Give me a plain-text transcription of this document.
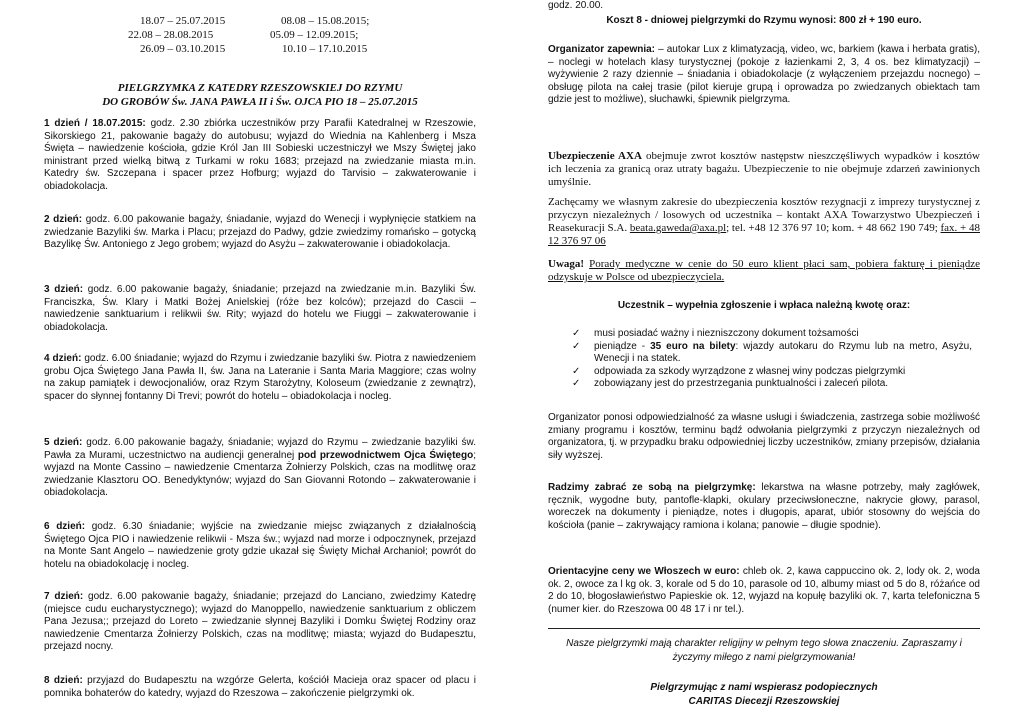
18.07 – 25.07.2015	08.08 – 15.08.2015;
22.08 – 28.08.2015	05.09 – 12.09.2015;
26.09 – 03.10.2015	10.10 – 17.10.2015
PIELGRZYMKA Z KATEDRY RZESZOWSKIEJ DO RZYMU
DO GROBÓW Św. JANA PAWŁA II i Św. OJCA PIO 18 – 25.07.2015
1 dzień / 18.07.2015: godz. 2.30 zbiórka uczestników przy Parafii Katedralnej w Rzeszowie, Sikorskiego 21, pakowanie bagaży do autobusu; wyjazd do Wiednia na Kahlenberg i Msza Święta – nawiedzenie kościoła, gdzie Król Jan III Sobieski uczestniczył we Mszy Świętej jako ministrant przed wielką bitwą z Turkami w roku 1683; przejazd na zwiedzanie miasta m.in. Katedry św. Szczepana i spacer przez Hofburg; wyjazd do Tarvisio – zakwaterowanie i obiadokolacja.
2 dzień: godz. 6.00 pakowanie bagaży, śniadanie, wyjazd do Wenecji i wypłynięcie statkiem na zwiedzanie Bazyliki św. Marka i Placu; przejazd do Padwy, gdzie zwiedzimy romańsko – gotycką Bazylikę Św. Antoniego z Jego grobem; wyjazd do Asyżu – zakwaterowanie i obiadokolacja.
3 dzień: godz. 6.00 pakowanie bagaży, śniadanie; przejazd na zwiedzanie m.in. Bazyliki Św. Franciszka, Św. Klary i Matki Bożej Anielskiej (róże bez kolców); przejazd do Cascii – nawiedzenie sanktuarium i relikwii św. Rity; wyjazd do hotelu we Fiuggi – zakwaterowanie i obiadokolacja.
4 dzień: godz. 6.00 śniadanie; wyjazd do Rzymu i zwiedzanie bazyliki św. Piotra z nawiedzeniem grobu Ojca Świętego Jana Pawła II, św. Jana na Lateranie i Santa Maria Maggiore; czas wolny na zakup pamiątek i dewocjonaliów, oraz Rzym Starożytny, Koloseum (zwiedzanie z zewnątrz), spacer do słynnej fontanny Di Trevi; powrót do hotelu – obiadokolacja i nocleg.
5 dzień: godz. 6.00 pakowanie bagaży, śniadanie; wyjazd do Rzymu – zwiedzanie bazyliki św. Pawła za Murami, uczestnictwo na audiencji generalnej pod przewodnictwem Ojca Świętego; wyjazd na Monte Cassino – nawiedzenie Cmentarza Żołnierzy Polskich, czas na modlitwę oraz zwiedzanie Klasztoru OO. Benedyktynów; wyjazd do San Giovanni Rotondo – zakwaterowanie i obiadokolacja.
6 dzień: godz. 6.30 śniadanie; wyjście na zwiedzanie miejsc związanych z działalnością Świętego Ojca PIO i nawiedzenie relikwii - Msza św.; wyjazd nad morze i odpocznynek, przejazd na Monte Sant Angelo – nawiedzenie groty gdzie ukazał się Święty Michał Archanioł; powrót do hotelu na obiadokolację i nocleg.
7 dzień: godz. 6.00 pakowanie bagaży, śniadanie; przejazd do Lanciano, zwiedzimy Katedrę (miejsce cudu eucharystycznego); wyjazd do Manoppello, nawiedzenie sanktuarium z obliczem Pana Jezusa;; przejazd do Loreto – zwiedzanie słynnej Bazyliki i Domku Świętej Rodziny oraz nawiedzenie Cmentarza Żołnierzy Polskich, czas na modlitwę; miasta; wyjazd do Budapesztu, przejazd nocny.
8 dzień: przyjazd do Budapesztu na wzgórze Gelerta, kościół Macieja oraz spacer od placu i pomnika bohaterów do katedry, wyjazd do Rzeszowa – zakończenie pielgrzymki ok.
godz. 20.00.
Koszt 8 - dniowej pielgrzymki do Rzymu wynosi: 800 zł + 190 euro.
Organizator zapewnia: – autokar Lux z klimatyzacją, video, wc, barkiem (kawa i herbata gratis), – noclegi w hotelach klasy turystycznej (pokoje z łazienkami 2, 3, 4 os. bez klimatyzacji) – wyżywienie 2 razy dziennie – śniadania i obiadokolacje (z wyłączeniem przejazdu nocnego) – obsługę pilota na całej trasie (pilot kieruje grupą i oprowadza po zwiedzanych obiektach tam gdzie jest to możliwe), słuchawki, śpiewnik pielgrzyma.
Ubezpieczenie AXA obejmuje zwrot kosztów następstw nieszczęśliwych wypadków i kosztów ich leczenia za granicą oraz utraty bagażu. Ubezpieczenie to nie obejmuje zdarzeń zawinionych umyślnie.
Zachęcamy we własnym zakresie do ubezpieczenia kosztów rezygnacji z imprezy turystycznej z przyczyn niezależnych / losowych od uczestnika – kontakt AXA Towarzystwo Ubezpieczeń i Reasekuracji S.A. beata.gaweda@axa.pl; tel. +48 12 376 97 10; kom. + 48 662 190 749; fax. + 48 12 376 97 06
Uwaga! Porady medyczne w cenie do 50 euro klient płaci sam, pobiera fakturę i pieniądze odzyskuje w Polsce od ubezpieczyciela.
Uczestnik – wypełnia zgłoszenie i wpłaca należną kwotę oraz:
✓ musi posiadać ważny i niezniszczony dokument tożsamości
✓ pieniądze - 35 euro na bilety: wjazdy autokaru do Rzymu lub na metro, Asyżu, Wenecji i na statek.
✓ odpowiada za szkody wyrządzone z własnej winy podczas pielgrzymki
✓ zobowiązany jest do przestrzegania punktualności i zaleceń pilota.
Organizator ponosi odpowiedzialność za własne usługi i świadczenia, zastrzega sobie możliwość zmiany programu i kosztów, terminu bądź odwołania pielgrzymki z przyczyn niezależnych od organizatora, tj. w przypadku braku odpowiedniej liczby uczestników, zmiany przepisów, działania siły wyższej.
Radzimy zabrać ze sobą na pielgrzymkę: lekarstwa na własne potrzeby, mały zagłówek, ręcznik, wygodne buty, pantofle-klapki, okulary przeciwsłoneczne, nakrycie głowy, parasol, woreczek na dokumenty i pieniądze, notes i długopis, aparat, ubiór stosowny do wejścia do kościoła (panie – zakrywający ramiona i kolana; panowie – długie spodnie).
Orientacyjne ceny we Włoszech w euro: chleb ok. 2, kawa cappuccino ok. 2, lody ok. 2, woda ok. 2, owoce za l kg ok. 3, korale od 5 do 10, parasole od 10, albumy miast od 5 do 8, różańce od 2 do 10, błogosławieństwo Papieskie ok. 12, wyjazd na kopułę bazyliki ok. 7, karta telefoniczna 5 (numer kier. do Rzeszowa 00 48 17 i nr tel.).
Nasze pielgrzymki mają charakter religijny w pełnym tego słowa znaczeniu. Zapraszamy i
życzymy miłego z nami pielgrzymowania!
Pielgrzymując z nami wspierasz podopiecznych
CARITAS Diecezji Rzeszowskiej
